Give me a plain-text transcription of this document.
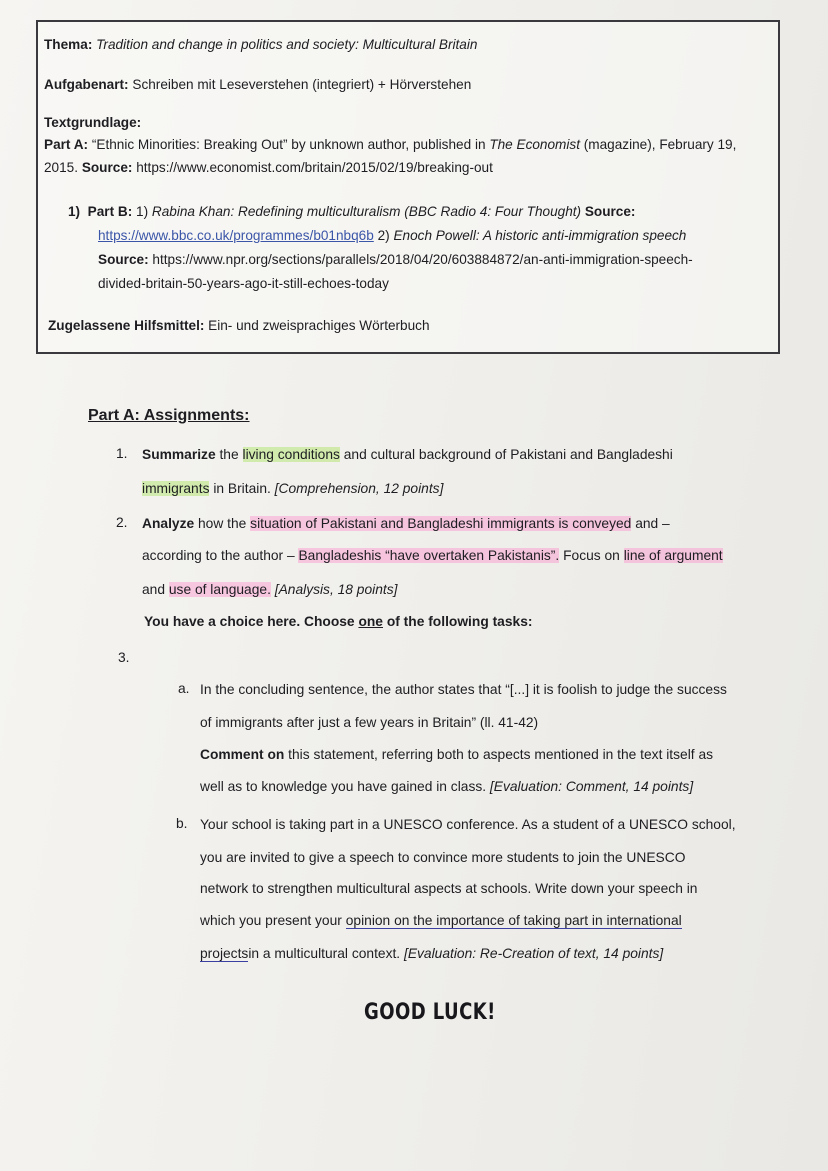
Thema: Tradition and change in politics and society: Multicultural Britain
Aufgabenart: Schreiben mit Leseverstehen (integriert) + Hörverstehen
Textgrundlage:
Part A: “Ethnic Minorities: Breaking Out” by unknown author, published in The Economist (magazine), February 19,
2015. Source: https://www.economist.com/britain/2015/02/19/breaking-out
1) Part B: 1) Rabina Khan: Redefining multiculturalism (BBC Radio 4: Four Thought) Source:
https://www.bbc.co.uk/programmes/b01nbq6b 2) Enoch Powell: A historic anti-immigration speech
Source: https://www.npr.org/sections/parallels/2018/04/20/603884872/an-anti-immigration-speech-
divided-britain-50-years-ago-it-still-echoes-today
Zugelassene Hilfsmittel: Ein- und zweisprachiges Wörterbuch
Part A: Assignments:
1. Summarize the living conditions and cultural background of Pakistani and Bangladeshi
immigrants in Britain. [Comprehension, 12 points]
2. Analyze how the situation of Pakistani and Bangladeshi immigrants is conveyed and –
according to the author – Bangladeshis “have overtaken Pakistanis”. Focus on line of argument
and use of language. [Analysis, 18 points]
You have a choice here. Choose one of the following tasks:
3.
a. In the concluding sentence, the author states that “[...] it is foolish to judge the success
of immigrants after just a few years in Britain” (ll. 41-42)
Comment on this statement, referring both to aspects mentioned in the text itself as
well as to knowledge you have gained in class. [Evaluation: Comment, 14 points]
b. Your school is taking part in a UNESCO conference. As a student of a UNESCO school,
you are invited to give a speech to convince more students to join the UNESCO
network to strengthen multicultural aspects at schools. Write down your speech in
which you present your opinion on the importance of taking part in international
projectsin a multicultural context. [Evaluation: Re-Creation of text, 14 points]
GOOD LUCK!
